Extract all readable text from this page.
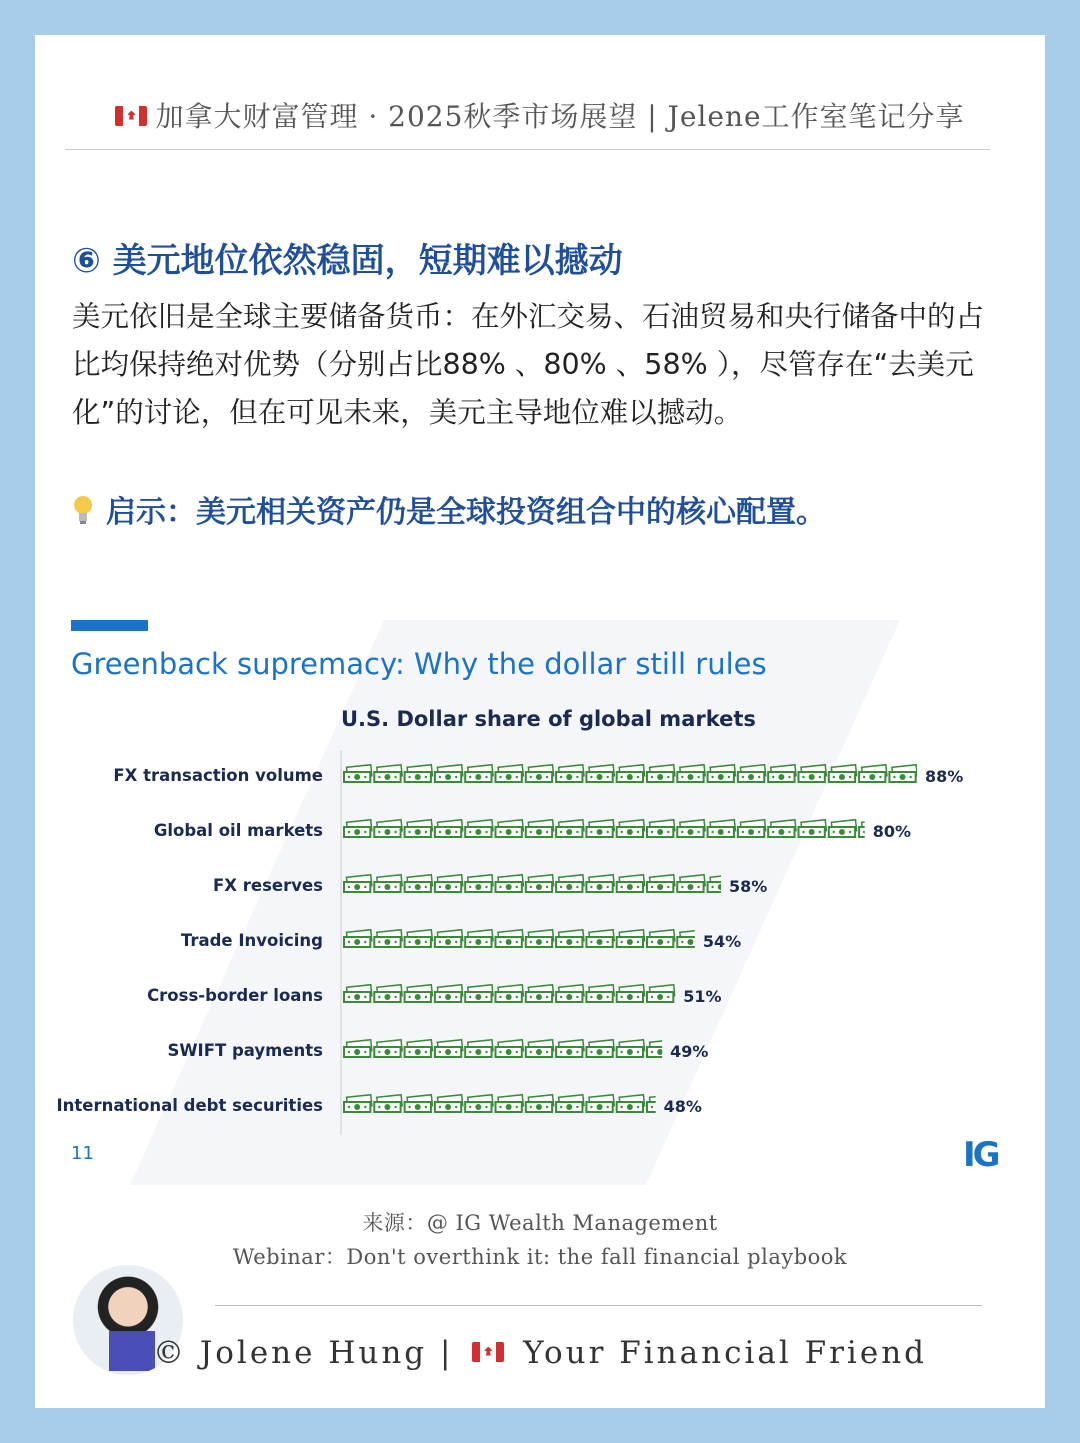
加拿大财富管理 · 2025秋季市场展望 | Jelene工作室笔记分享
⑥ 美元地位依然稳固，短期难以撼动
美元依旧是全球主要储备货币：在外汇交易、石油贸易和央行储备中的占比均保持绝对优势（分别占比88% 、80% 、58% ），尽管存在“去美元化”的讨论，但在可见未来，美元主导地位难以撼动。
启示：美元相关资产仍是全球投资组合中的核心配置。
Greenback supremacy: Why the dollar still rules
U.S. Dollar share of global markets
FX transaction volume	88%
Global oil markets	80%
FX reserves	58%
Trade Invoicing	54%
Cross-border loans	51%
SWIFT payments	49%
International debt securities	48%
11	IG
来源：@ IG Wealth Management
Webinar：Don't overthink it: the fall financial playbook
© Jolene Hung | Your Financial Friend
